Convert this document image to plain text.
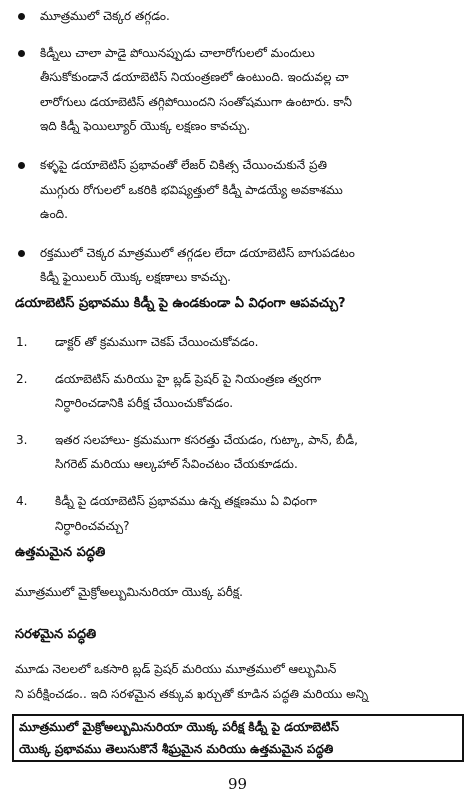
మూత్రములో చెక్కర తగ్గడం.
కిడ్నీలు చాలా పాడై పోయినప్పుడు చాలారోగులలో మందులు
తీసుకోకుండానే డయాబెటిస్ నియంత్రణలో ఉంటుంది. ఇందువల్ల చా
లారోగులు డయాబెటిస్ తగ్గిపోయిందని సంతోషముగా ఉంటారు. కానీ
ఇది కిడ్నీ ఫెయిల్యూర్ యొక్క లక్షణం కావచ్చు.
కళ్ళపై డయాబెటిస్ ప్రభావంతో లేజర్ చికిత్స చేయించుకునే ప్రతి
ముగ్గురు రోగులలో ఒకరికి భవిష్యత్తులో కిడ్నీ పాడయ్యే అవకాశము
ఉంది.
రక్తములో చెక్కర మాత్రములో తగ్గడల లేదా డయాబెటిస్ బాగుపడటం
కిడ్నీ ఫైయిలుర్ యొక్క లక్షణాలు కావచ్చు.
డయాబెటిస్ ప్రభావము కిడ్నీ పై ఉండకుండా ఏ విధంగా ఆపవచ్చు?
1. డాక్టర్ తో క్రమముగా చెకప్ చేయించుకోవడం.
2. డయాబెటిస్ మరియు హై బ్లడ్ ప్రెషర్ పై నియంత్రణ త్వరగా
నిర్ధారించడానికి పరీక్ష చేయించుకోవడం.
3. ఇతర సలహాలు- క్రమముగా కసరత్తు చేయడం, గుట్కా, పాన్, బీడీ,
సిగరెట్ మరియు ఆల్కహాల్ సేవించటం చేయకూడదు.
4. కిడ్నీ పై డయాబెటిస్ ప్రభావము ఉన్న తక్షణము ఏ విధంగా
నిర్ధారించవచ్చు?
ఉత్తమమైన పద్ధతి
మూత్రములో మైక్రోఅల్బుమినురియా యొక్క పరీక్ష.
సరళమైన పద్ధతి
మూడు నెలలలో ఒకసారి బ్లడ్ ప్రెషర్ మరియు మూత్రములో ఆల్బుమిన్
ని పరీక్షించడం.. ఇది సరళమైన తక్కువ ఖర్చుతో కూడిన పద్ధతి మరియు అన్ని
మూత్రములో మైక్రోఅల్బుమినురియా యొక్క పరీక్ష కిడ్నీ పై డయాబెటిస్
యొక్క ప్రభావము తెలుసుకొనే శీఘ్రమైన మరియు ఉత్తమమైన పద్ధతి
99
